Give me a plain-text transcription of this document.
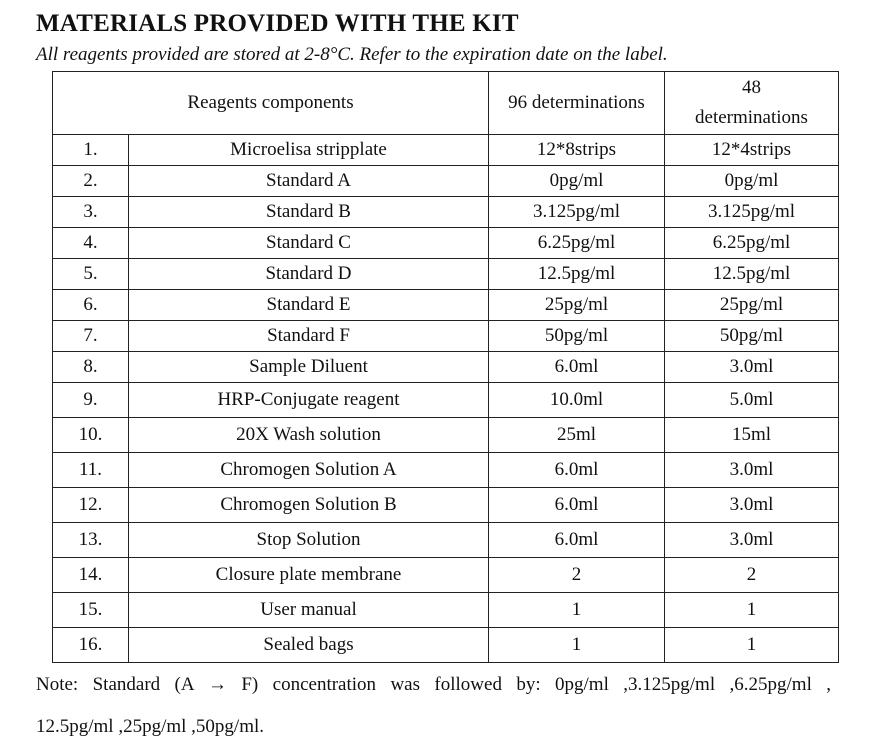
MATERIALS PROVIDED WITH THE KIT
All reagents provided are stored at 2-8°C. Refer to the expiration date on the label.
Reagents components		96 determinations	48
determinations
1.	Microelisa stripplate	12*8strips	12*4strips
2.	Standard A	0pg/ml	0pg/ml
3.	Standard B	3.125pg/ml	3.125pg/ml
4.	Standard C	6.25pg/ml	6.25pg/ml
5.	Standard D	12.5pg/ml	12.5pg/ml
6.	Standard E	25pg/ml	25pg/ml
7.	Standard F	50pg/ml	50pg/ml
8.	Sample Diluent	6.0ml	3.0ml
9.	HRP-Conjugate reagent	10.0ml	5.0ml
10.	20X Wash solution	25ml	15ml
11.	Chromogen Solution A	6.0ml	3.0ml
12.	Chromogen Solution B	6.0ml	3.0ml
13.	Stop Solution	6.0ml	3.0ml
14.	Closure plate membrane	2	2
15.	User manual	1	1
16.	Sealed bags	1	1
Note: Standard (A → F) concentration was followed by: 0pg/ml ,3.125pg/ml ,6.25pg/ml ,
12.5pg/ml ,25pg/ml ,50pg/ml.
